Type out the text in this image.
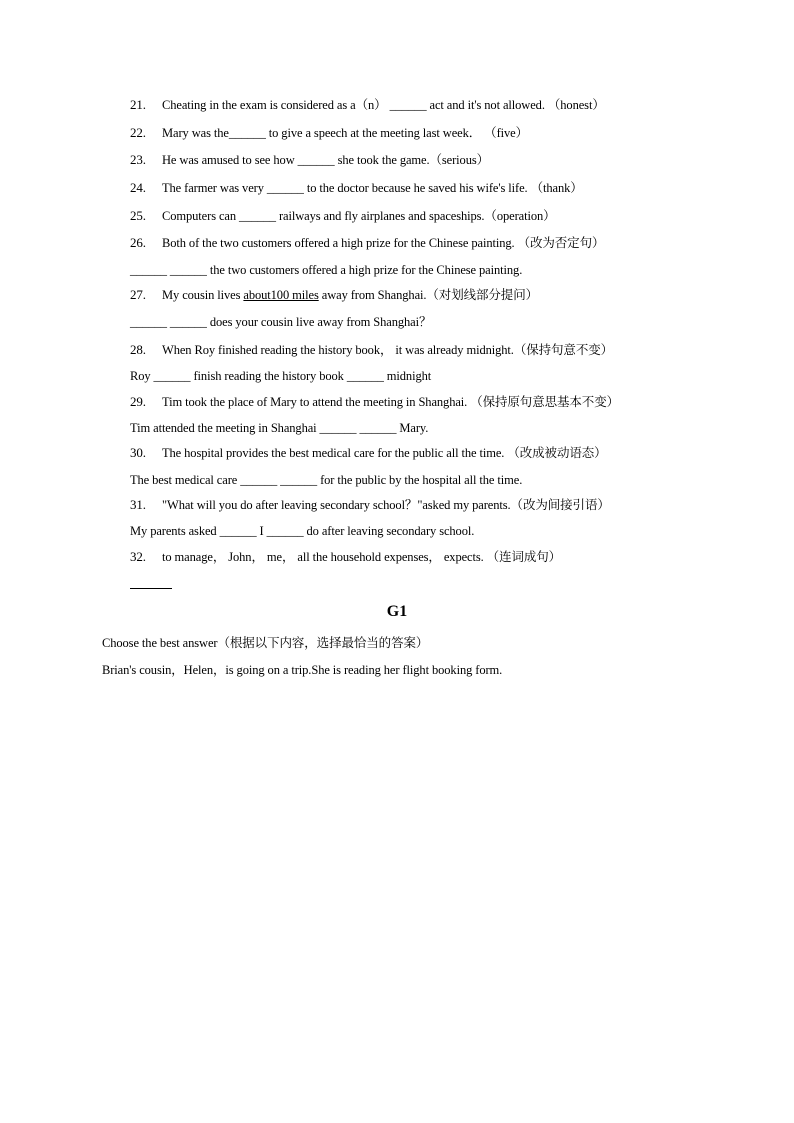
21. Cheating in the exam is considered as a（n） ______ act and it's not allowed. （honest）
22. Mary was the______ to give a speech at the meeting last week． （five）
23. He was amused to see how ______ she took the game.（serious）
24. The farmer was very ______ to the doctor because he saved his wife's life. （thank）
25. Computers can ______ railways and fly airplanes and spaceships.（operation）
26. Both of the two customers offered a high prize for the Chinese painting. （改为否定句）
______ ______ the two customers offered a high prize for the Chinese painting.
27. My cousin lives about100 miles away from Shanghai.（对划线部分提问）
______ ______ does your cousin live away from Shanghai？
28. When Roy finished reading the history book， it was already midnight.（保持句意不变）
Roy ______ finish reading the history book ______ midnight
29. Tim took the place of Mary to attend the meeting in Shanghai. （保持原句意思基本不变）
Tim attended the meeting in Shanghai ______ ______ Mary.
30. The hospital provides the best medical care for the public all the time. （改成被动语态）
The best medical care ______ ______ for the public by the hospital all the time.
31. "What will you do after leaving secondary school？"asked my parents.（改为间接引语）
My parents asked ______ I ______ do after leaving secondary school.
32. to manage， John， me， all the household expenses， expects. （连词成句）
G1
Choose the best answer（根据以下内容，选择最恰当的答案）
Brian's cousin，Helen，is going on a trip.She is reading her flight booking form.
